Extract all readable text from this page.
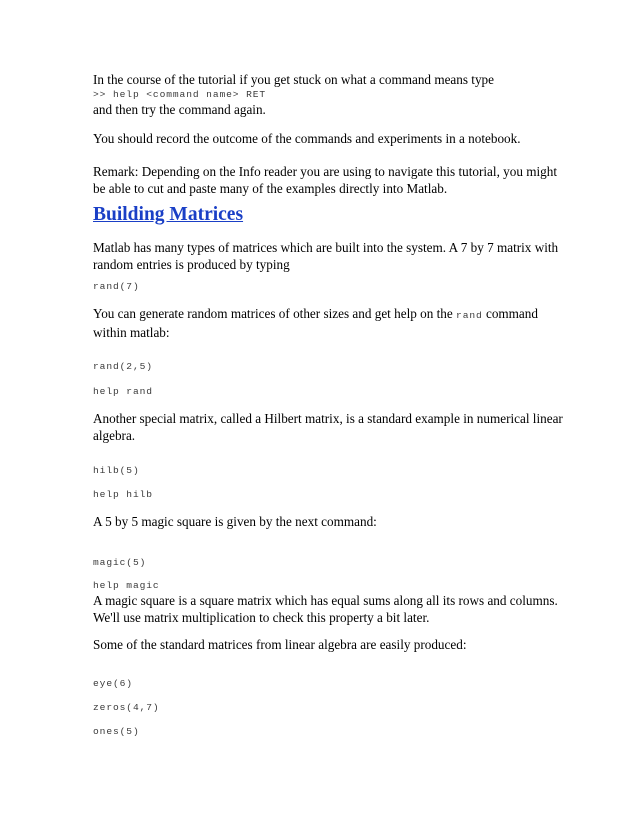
In the course of the tutorial if you get stuck on what a command means type
>> help <command name> RET
and then try the command again.
You should record the outcome of the commands and experiments in a notebook.
Remark: Depending on the Info reader you are using to navigate this tutorial, you might
be able to cut and paste many of the examples directly into Matlab.
Building Matrices
Matlab has many types of matrices which are built into the system. A 7 by 7 matrix with
random entries is produced by typing
rand(7)
You can generate random matrices of other sizes and get help on the rand command
within matlab:
rand(2,5)
help rand
Another special matrix, called a Hilbert matrix, is a standard example in numerical linear
algebra.
hilb(5)
help hilb
A 5 by 5 magic square is given by the next command:
magic(5)
help magic
A magic square is a square matrix which has equal sums along all its rows and columns.
We'll use matrix multiplication to check this property a bit later.
Some of the standard matrices from linear algebra are easily produced:
eye(6)
zeros(4,7)
ones(5)
